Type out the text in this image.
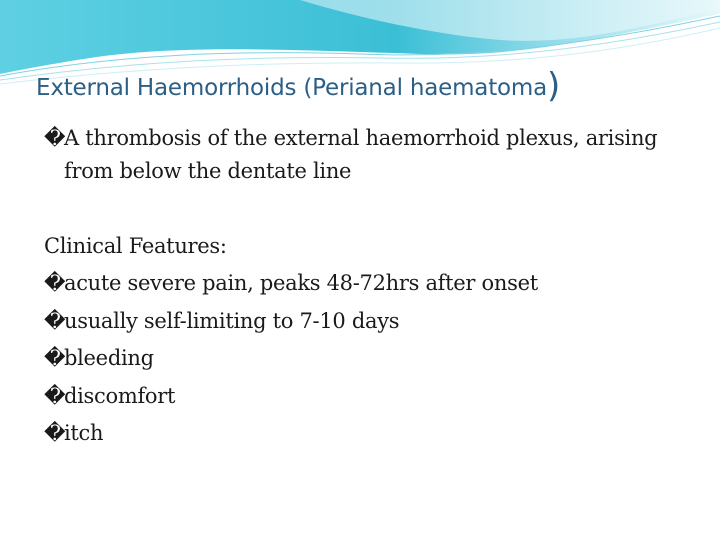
External Haemorrhoids (Perianal haematoma)

�
A thrombosis of the external haemorrhoid plexus, arising from below the dentate line

Clinical Features:

�
acute severe pain, peaks 48-72hrs after onset
�
usually self-limiting to 7-10 days
�
bleeding
�
discomfort
�
itch
